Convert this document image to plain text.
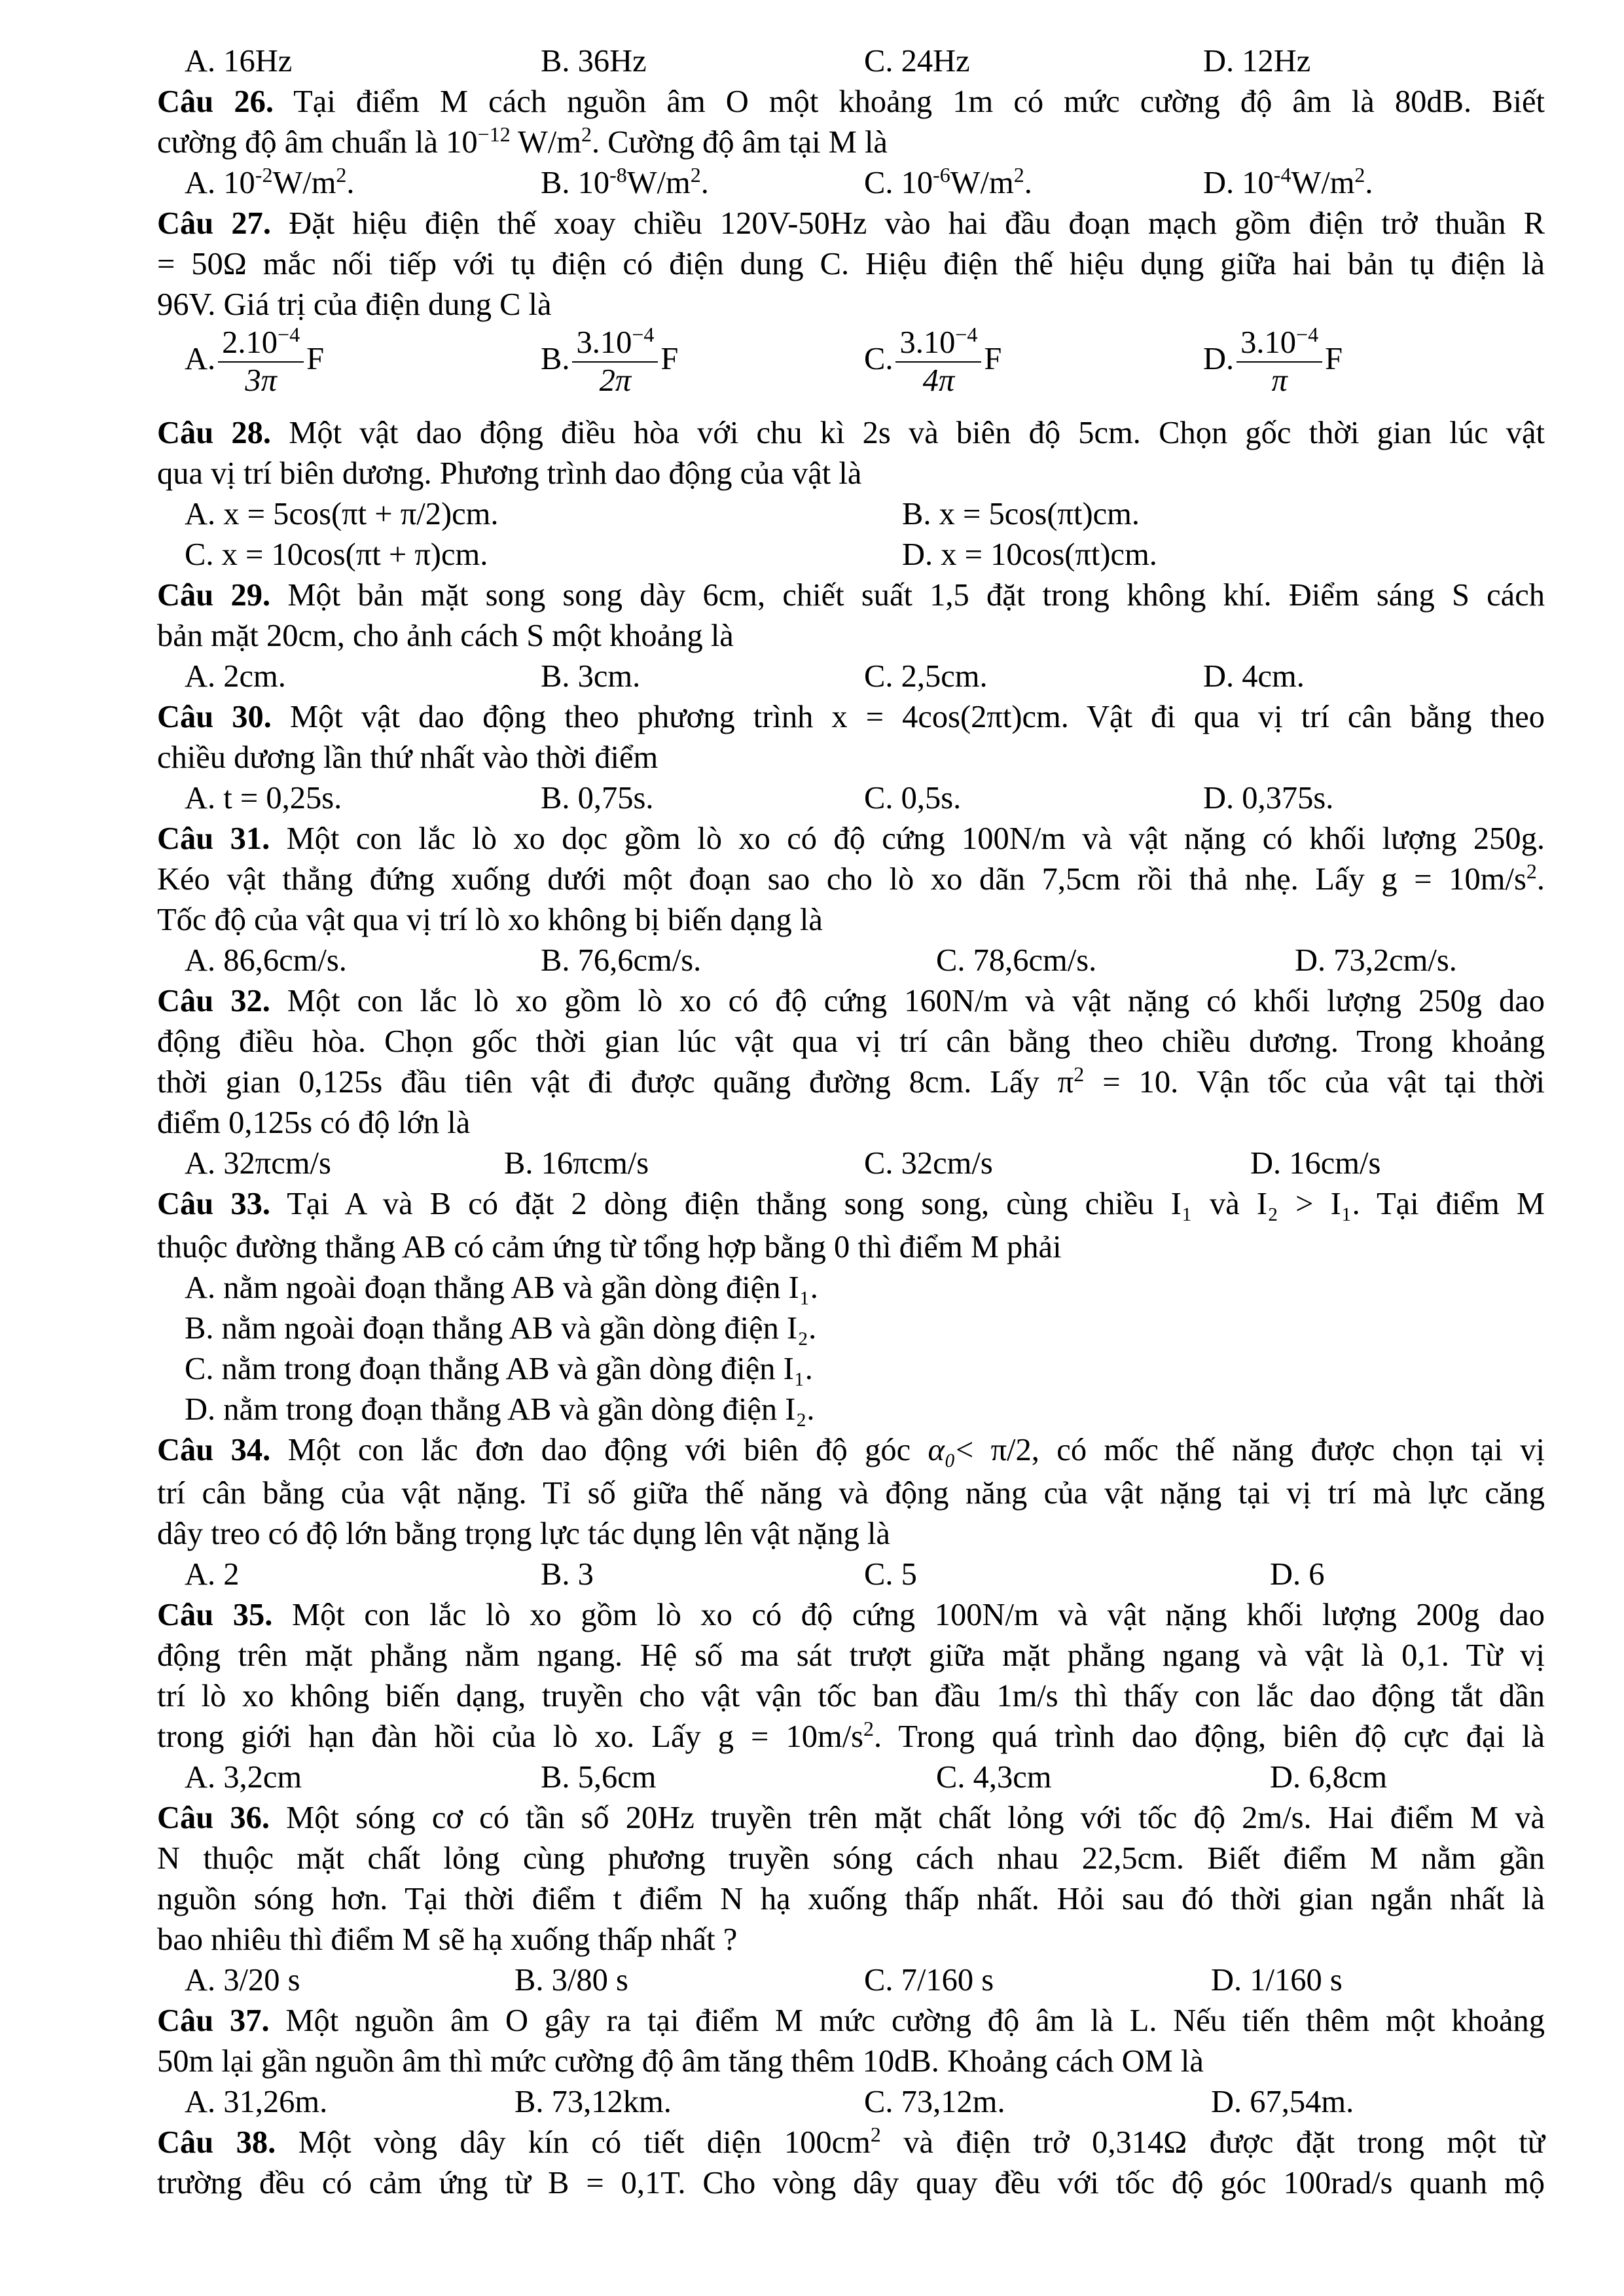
A. 16Hz	B. 36Hz	C. 24Hz	D. 12Hz
Câu 26. Tại điểm M cách nguồn âm O một khoảng 1m có mức cường độ âm là 80dB. Biết
cường độ âm chuẩn là $10^{-12}$ $W/m^2$. Cường độ âm tại M là
A. $10^{-2}W/m^2$.	B. $10^{-8}W/m^2$.	C. $10^{-6}W/m^2$.	D. $10^{-4}W/m^2$.
Câu 27. Đặt hiệu điện thế xoay chiều 120V-50Hz vào hai đầu đoạn mạch gồm điện trở thuần R
= 50Ω mắc nối tiếp với tụ điện có điện dung C. Hiệu điện thế hiệu dụng giữa hai bản tụ điện là
96V. Giá trị của điện dung C là
A. $\frac{2.10^{-4}}{3\pi}$ F	B. $\frac{3.10^{-4}}{2\pi}$ F	C. $\frac{3.10^{-4}}{4\pi}$ F	D. $\frac{3.10^{-4}}{\pi}$ F
Câu 28. Một vật dao động điều hòa với chu kì 2s và biên độ 5cm. Chọn gốc thời gian lúc vật
qua vị trí biên dương. Phương trình dao động của vật là
A. x = 5cos(πt + π/2)cm.	B. x = 5cos(πt)cm.
C. x = 10cos(πt + π)cm.	D. x = 10cos(πt)cm.
Câu 29. Một bản mặt song song dày 6cm, chiết suất 1,5 đặt trong không khí. Điểm sáng S cách
bản mặt 20cm, cho ảnh cách S một khoảng là
A. 2cm.	B. 3cm.	C. 2,5cm.	D. 4cm.
Câu 30. Một vật dao động theo phương trình x = 4cos(2πt)cm. Vật đi qua vị trí cân bằng theo
chiều dương lần thứ nhất vào thời điểm
A. t = 0,25s.	B. 0,75s.	C. 0,5s.	D. 0,375s.
Câu 31. Một con lắc lò xo dọc gồm lò xo có độ cứng 100N/m và vật nặng có khối lượng 250g.
Kéo vật thẳng đứng xuống dưới một đoạn sao cho lò xo dãn 7,5cm rồi thả nhẹ. Lấy $g = 10m/s^2$.
Tốc độ của vật qua vị trí lò xo không bị biến dạng là
A. 86,6cm/s.	B. 76,6cm/s.	C. 78,6cm/s.	D. 73,2cm/s.
Câu 32. Một con lắc lò xo gồm lò xo có độ cứng 160N/m và vật nặng có khối lượng 250g dao
động điều hòa. Chọn gốc thời gian lúc vật qua vị trí cân bằng theo chiều dương. Trong khoảng
thời gian 0,125s đầu tiên vật đi được quãng đường 8cm. Lấy $\pi^2 = 10$. Vận tốc của vật tại thời
điểm 0,125s có độ lớn là
A. 32πcm/s	B. 16πcm/s	C. 32cm/s	D. 16cm/s
Câu 33. Tại A và B có đặt 2 dòng điện thẳng song song, cùng chiều I₁ và I₂ > I₁. Tại điểm M
thuộc đường thẳng AB có cảm ứng từ tổng hợp bằng 0 thì điểm M phải
A. nằm ngoài đoạn thẳng AB và gần dòng điện I₁.
B. nằm ngoài đoạn thẳng AB và gần dòng điện I₂.
C. nằm trong đoạn thẳng AB và gần dòng điện I₁.
D. nằm trong đoạn thẳng AB và gần dòng điện I₂.
Câu 34. Một con lắc đơn dao động với biên độ góc α₀< π/2, có mốc thế năng được chọn tại vị
trí cân bằng của vật nặng. Tỉ số giữa thế năng và động năng của vật nặng tại vị trí mà lực căng
dây treo có độ lớn bằng trọng lực tác dụng lên vật nặng là
A. 2	B. 3	C. 5	D. 6
Câu 35. Một con lắc lò xo gồm lò xo có độ cứng 100N/m và vật nặng khối lượng 200g dao
động trên mặt phẳng nằm ngang. Hệ số ma sát trượt giữa mặt phẳng ngang và vật là 0,1. Từ vị
trí lò xo không biến dạng, truyền cho vật vận tốc ban đầu 1m/s thì thấy con lắc dao động tắt dần
trong giới hạn đàn hồi của lò xo. Lấy $g = 10m/s^2$. Trong quá trình dao động, biên độ cực đại là
A. 3,2cm	B. 5,6cm	C. 4,3cm	D. 6,8cm
Câu 36. Một sóng cơ có tần số 20Hz truyền trên mặt chất lỏng với tốc độ 2m/s. Hai điểm M và
N thuộc mặt chất lỏng cùng phương truyền sóng cách nhau 22,5cm. Biết điểm M nằm gần
nguồn sóng hơn. Tại thời điểm t điểm N hạ xuống thấp nhất. Hỏi sau đó thời gian ngắn nhất là
bao nhiêu thì điểm M sẽ hạ xuống thấp nhất ?
A. 3/20 s	B. 3/80 s	C. 7/160 s	D. 1/160 s
Câu 37. Một nguồn âm O gây ra tại điểm M mức cường độ âm là L. Nếu tiến thêm một khoảng
50m lại gần nguồn âm thì mức cường độ âm tăng thêm 10dB. Khoảng cách OM là
A. 31,26m.	B. 73,12km.	C. 73,12m.	D. 67,54m.
Câu 38. Một vòng dây kín có tiết diện $100cm^2$ và điện trở 0,314Ω được đặt trong một từ
trường đều có cảm ứng từ B = 0,1T. Cho vòng dây quay đều với tốc độ góc 100rad/s quanh mộ
